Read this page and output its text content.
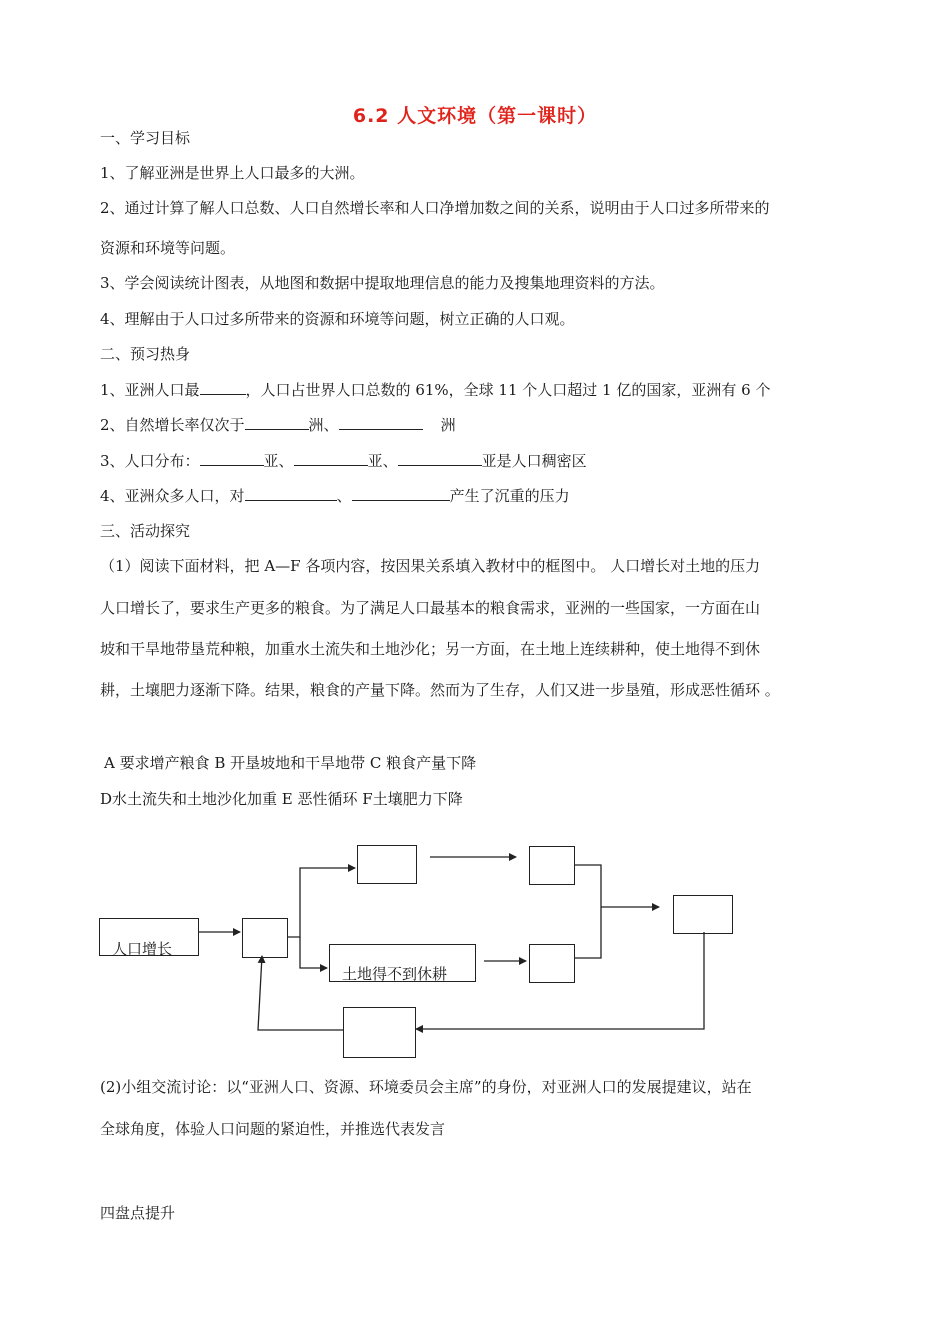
6.2 人文环境（第一课时）
一、学习目标
1、了解亚洲是世界上人口最多的大洲。
2、通过计算了解人口总数、人口自然增长率和人口净增加数之间的关系，说明由于人口过多所带来的
资源和环境等问题。
3、学会阅读统计图表，从地图和数据中提取地理信息的能力及搜集地理资料的方法。
4、理解由于人口过多所带来的资源和环境等问题，树立正确的人口观。
二、预习热身
1、亚洲人口最	，人口占世界人口总数的 61%，全球 11 个人口超过 1 亿的国家，亚洲有 6 个
2、自然增长率仅次于	洲、	洲
3、人口分布：	亚、	亚、	亚是人口稠密区
4、亚洲众多人口，对	、	产生了沉重的压力
三、活动探究
（1）阅读下面材料，把 A—F 各项内容，按因果关系填入教材中的框图中。 人口增长对土地的压力
人口增长了，要求生产更多的粮食。为了满足人口最基本的粮食需求，亚洲的一些国家，一方面在山
坡和干旱地带垦荒种粮，加重水土流失和土地沙化；另一方面，在土地上连续耕种，使土地得不到休
耕，土壤肥力逐渐下降。结果，粮食的产量下降。然而为了生存，人们又进一步垦殖，形成恶性循环 。
A 要求增产粮食 B 开垦坡地和干旱地带 C 粮食产量下降
D水土流失和土地沙化加重 E 恶性循环 F土壤肥力下降
人口增长
土地得不到休耕
(2)小组交流讨论：以“亚洲人口、资源、环境委员会主席”的身份，对亚洲人口的发展提建议，站在
全球角度，体验人口问题的紧迫性，并推选代表发言
四盘点提升
